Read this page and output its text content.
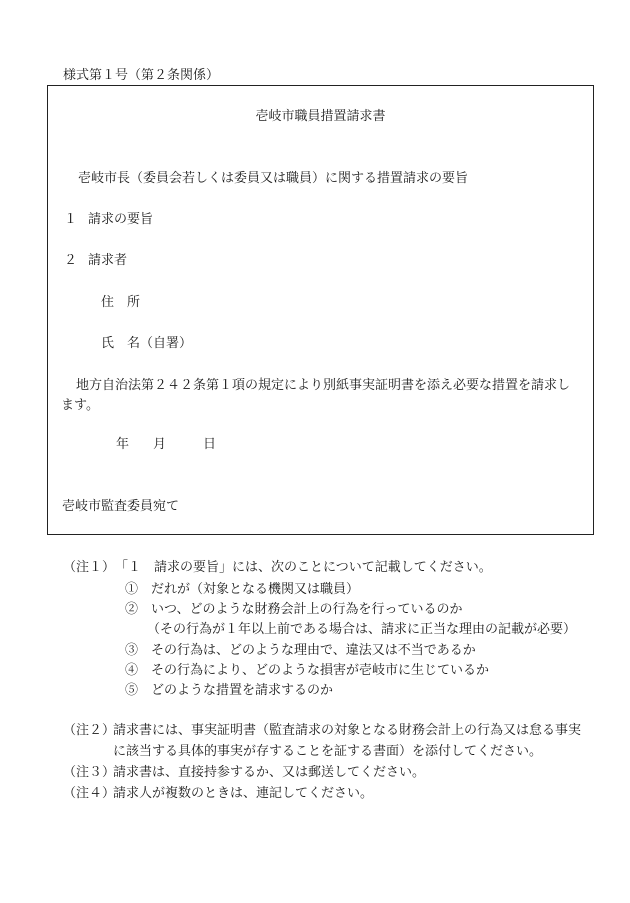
様式第１号（第２条関係）
壱岐市職員措置請求書
壱岐市長（委員会若しくは委員又は職員）に関する措置請求の要旨
１ 請求の要旨
２ 請求者
住　所
氏　名（自署）
地方自治法第２４２条第１項の規定により別紙事実証明書を添え必要な措置を請求し
ます。
年 月	日
壱岐市監査委員宛て
（注１） 「１　請求の要旨」には、次のことについて記載してください。
①　だれが（対象となる機関又は職員）
②　いつ、どのような財務会計上の行為を行っているのか
（その行為が１年以上前である場合は、請求に正当な理由の記載が必要）
③　その行為は、どのような理由で、違法又は不当であるか
④　その行為により、どのような損害が壱岐市に生じているか
⑤　どのような措置を請求するのか
（注２）
請求書には、事実証明書（監査請求の対象となる財務会計上の行為又は怠る事実
に該当する具体的事実が存することを証する書面）を添付してください。
（注３）
請求書は、直接持参するか、又は郵送してください。
（注４）
請求人が複数のときは、連記してください。
